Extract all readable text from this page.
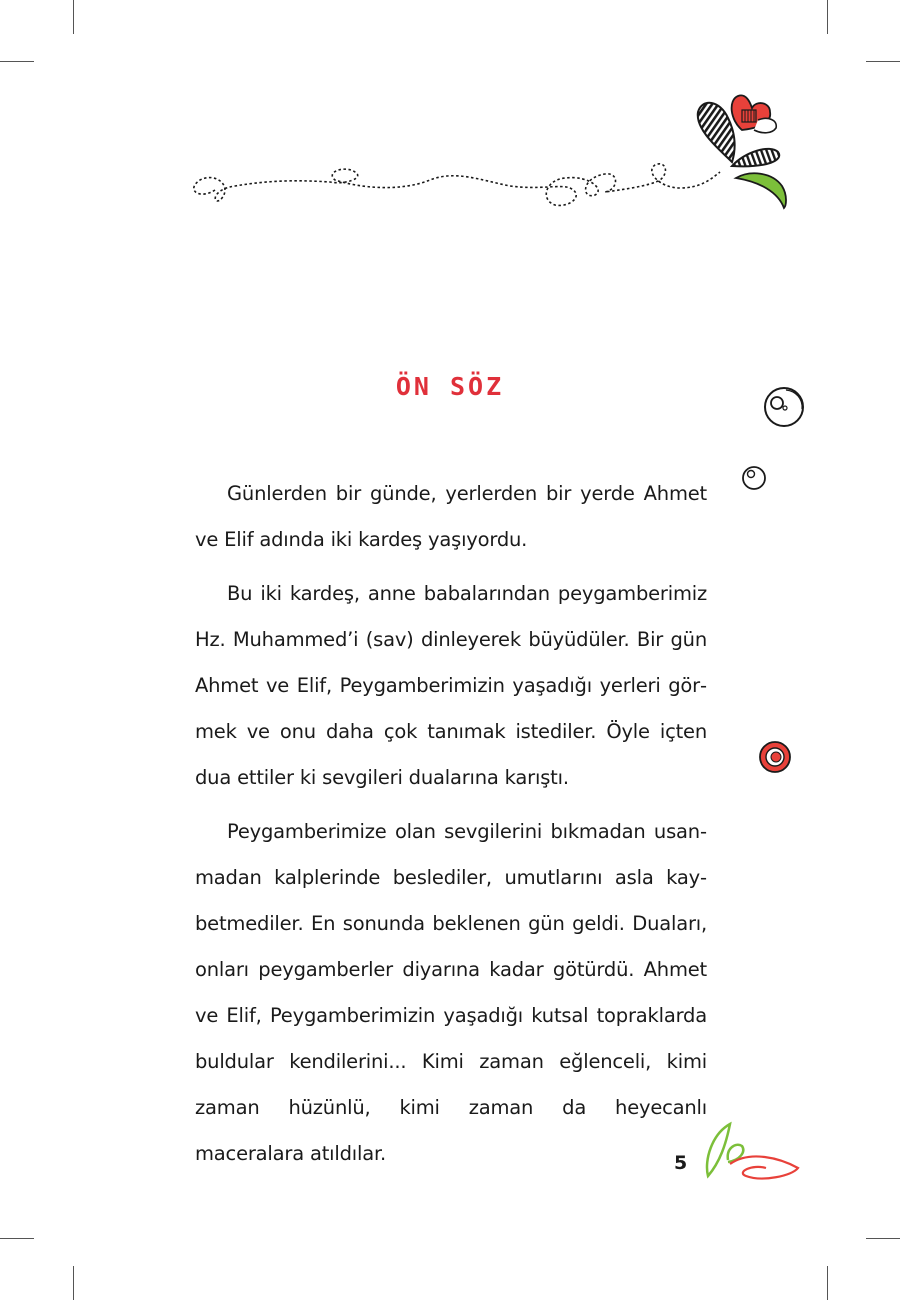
ÖN SÖZ

Günlerden bir günde, yerlerden bir yerde Ahmet ve Elif adında iki kardeş yaşıyordu.

Bu iki kardeş, anne babalarından peygamberimiz Hz. Muhammed’i (sav) dinleyerek büyüdüler. Bir gün Ahmet ve Elif, Peygamberimizin yaşadığı yerleri görmek ve onu daha çok tanımak istediler. Öyle içten dua ettiler ki sevgileri dualarına karıştı.

Peygamberimize olan sevgilerini bıkmadan usanmadan kalplerinde beslediler, umutlarını asla kaybetmediler. En sonunda beklenen gün geldi. Duaları, onları peygamberler diyarına kadar götürdü. Ahmet ve Elif, Peygamberimizin yaşadığı kutsal topraklarda buldular kendilerini... Kimi zaman eğlenceli, kimi zaman hüzünlü, kimi zaman da heyecanlı maceralara atıldılar.	5
